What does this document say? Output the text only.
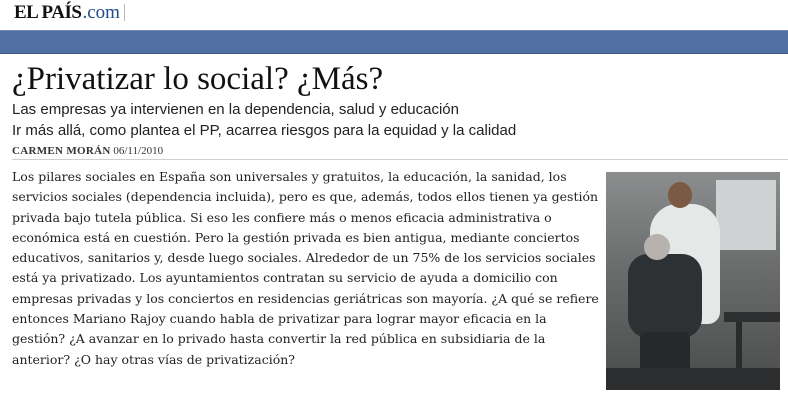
EL PAÍS .com
¿Privatizar lo social? ¿Más?

Las empresas ya intervienen en la dependencia, salud y educación

Ir más allá, como plantea el PP, acarrea riesgos para la equidad y la calidad

CARMEN MORÁN 06/11/2010

Los pilares sociales en España son universales y gratuitos, la educación, la sanidad, los servicios sociales (dependencia incluida), pero es que, además, todos ellos tienen ya gestión privada bajo tutela pública. Si eso les confiere más o menos eficacia administrativa o económica está en cuestión. Pero la gestión privada es bien antigua, mediante conciertos educativos, sanitarios y, desde luego sociales. Alrededor de un 75% de los servicios sociales está ya privatizado. Los ayuntamientos contratan su servicio de ayuda a domicilio con empresas privadas y los conciertos en residencias geriátricas son mayoría. ¿A qué se refiere entonces Mariano Rajoy cuando habla de privatizar para lograr mayor eficacia en la gestión? ¿A avanzar en lo privado hasta convertir la red pública en subsidiaria de la anterior? ¿O hay otras vías de privatización?
